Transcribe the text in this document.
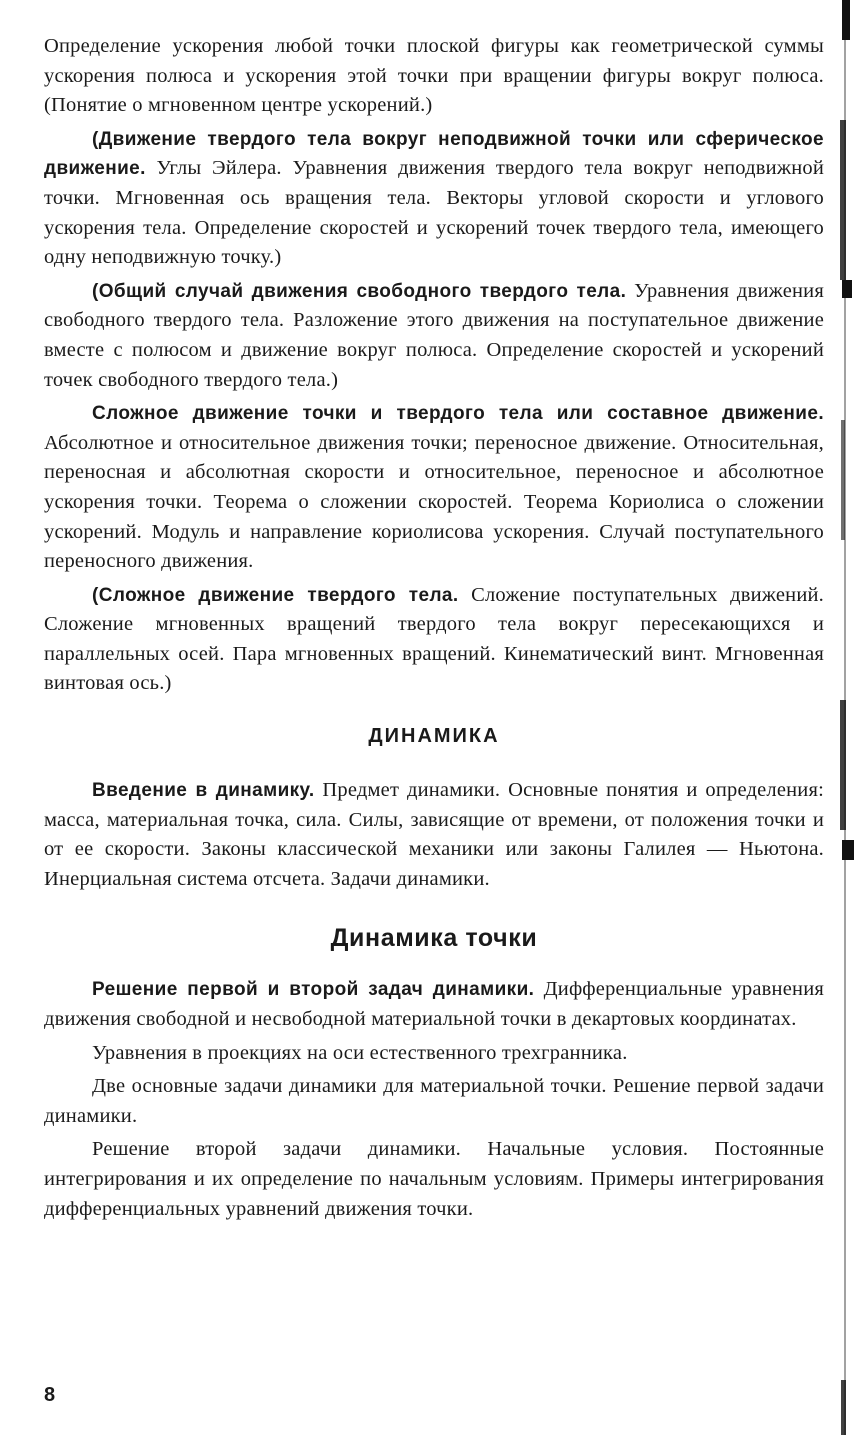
Определение ускорения любой точки плоской фигуры как геометрической суммы ускорения полюса и ускорения этой точки при вращении фигуры вокруг полюса. (Понятие о мгновенном центре ускорений.)

(Движение твердого тела вокруг неподвижной точки или сферическое движение. Углы Эйлера. Уравнения движения твердого тела вокруг неподвижной точки. Мгновенная ось вращения тела. Векторы угловой скорости и углового ускорения тела. Определение скоростей и ускорений точек твердого тела, имеющего одну неподвижную точку.)

(Общий случай движения свободного твердого тела. Уравнения движения свободного твердого тела. Разложение этого движения на поступательное движение вместе с полюсом и движение вокруг полюса. Определение скоростей и ускорений точек свободного твердого тела.)

Сложное движение точки и твердого тела или составное движение. Абсолютное и относительное движения точки; переносное движение. Относительная, переносная и абсолютная скорости и относительное, переносное и абсолютное ускорения точки. Теорема о сложении скоростей. Теорема Кориолиса о сложении ускорений. Модуль и направление кориолисова ускорения. Случай поступательного переносного движения.

(Сложное движение твердого тела. Сложение поступательных движений. Сложение мгновенных вращений твердого тела вокруг пересекающихся и параллельных осей. Пара мгновенных вращений. Кинематический винт. Мгновенная винтовая ось.)

ДИНАМИКА

Введение в динамику. Предмет динамики. Основные понятия и определения: масса, материальная точка, сила. Силы, зависящие от времени, от положения точки и от ее скорости. Законы классической механики или законы Галилея — Ньютона. Инерциальная система отсчета. Задачи динамики.

Динамика точки

Решение первой и второй задач динамики. Дифференциальные уравнения движения свободной и несвободной материальной точки в декартовых координатах.

Уравнения в проекциях на оси естественного трехгранника.

Две основные задачи динамики для материальной точки. Решение первой задачи динамики.

Решение второй задачи динамики. Начальные условия. Постоянные интегрирования и их определение по начальным условиям. Примеры интегрирования дифференциальных уравнений движения точки.

8
